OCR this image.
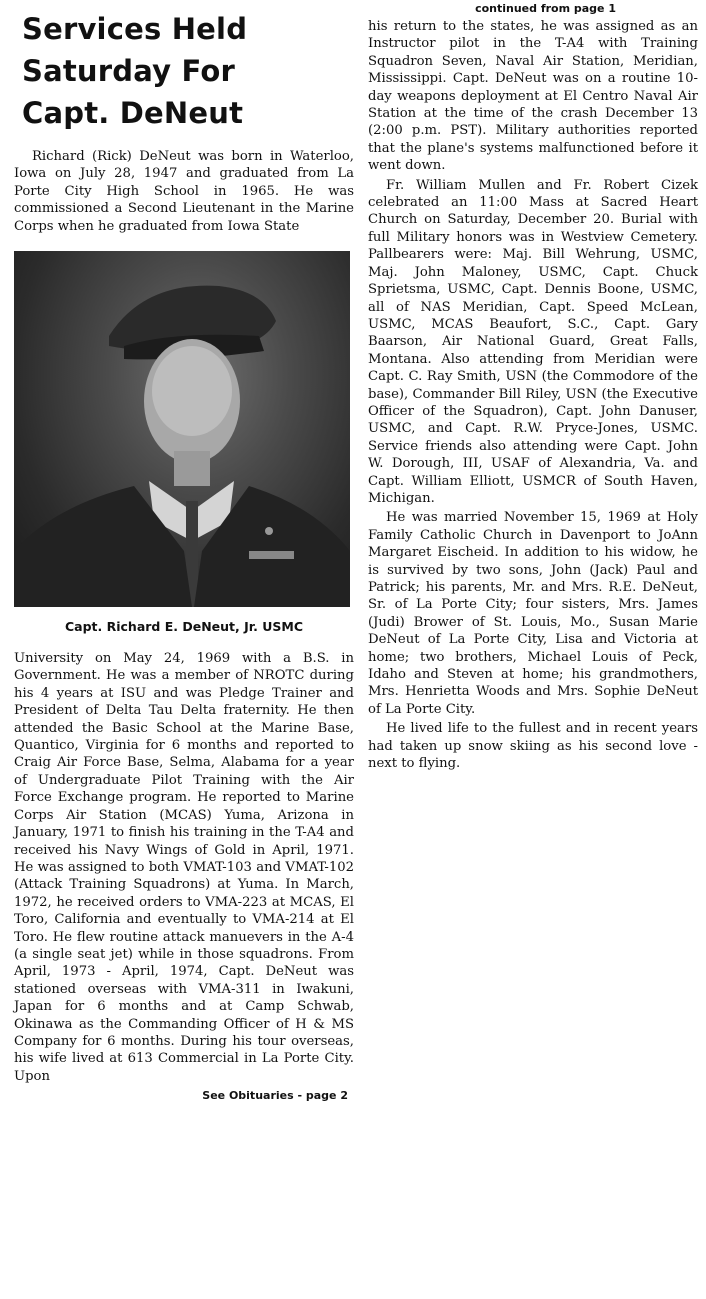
Services Held
Saturday For
Capt. DeNeut

Richard (Rick) DeNeut was born in Waterloo, Iowa on July 28, 1947 and graduated from La Porte City High School in 1965. He was commissioned a Second Lieutenant in the Marine Corps when he graduated from Iowa State

Capt. Richard E. DeNeut, Jr. USMC

University on May 24, 1969 with a B.S. in Government. He was a member of NROTC during his 4 years at ISU and was Pledge Trainer and President of Delta Tau Delta fraternity. He then attended the Basic School at the Marine Base, Quantico, Virginia for 6 months and reported to Craig Air Force Base, Selma, Alabama for a year of Undergraduate Pilot Training with the Air Force Exchange program. He reported to Marine Corps Air Station (MCAS) Yuma, Arizona in January, 1971 to finish his training in the T-A4 and received his Navy Wings of Gold in April, 1971. He was assigned to both VMAT-103 and VMAT-102 (Attack Training Squadrons) at Yuma. In March, 1972, he received orders to VMA-223 at MCAS, El Toro, California and eventually to VMA-214 at El Toro. He flew routine attack manuevers in the A-4 (a single seat jet) while in those squadrons. From April, 1973 - April, 1974, Capt. DeNeut was stationed overseas with VMA-311 in Iwakuni, Japan for 6 months and at Camp Schwab, Okinawa as the Commanding Officer of H & MS Company for 6 months. During his tour overseas, his wife lived at 613 Commercial in La Porte City. Upon

See Obituaries - page 2
continued from page 1

his return to the states, he was assigned as an Instructor pilot in the T-A4 with Training Squadron Seven, Naval Air Station, Meridian, Mississippi. Capt. DeNeut was on a routine 10-day weapons deployment at El Centro Naval Air Station at the time of the crash December 13 (2:00 p.m. PST). Military authorities reported that the plane's systems malfunctioned before it went down.

Fr. William Mullen and Fr. Robert Cizek celebrated an 11:00 Mass at Sacred Heart Church on Saturday, December 20. Burial with full Military honors was in Westview Cemetery. Pallbearers were: Maj. Bill Wehrung, USMC, Maj. John Maloney, USMC, Capt. Chuck Sprietsma, USMC, Capt. Dennis Boone, USMC, all of NAS Meridian, Capt. Speed McLean, USMC, MCAS Beaufort, S.C., Capt. Gary Baarson, Air National Guard, Great Falls, Montana. Also attending from Meridian were Capt. C. Ray Smith, USN (the Commodore of the base), Commander Bill Riley, USN (the Executive Officer of the Squadron), Capt. John Danuser, USMC, and Capt. R.W. Pryce-Jones, USMC. Service friends also attending were Capt. John W. Dorough, III, USAF of Alexandria, Va. and Capt. William Elliott, USMCR of South Haven, Michigan.

He was married November 15, 1969 at Holy Family Catholic Church in Davenport to JoAnn Margaret Eischeid. In addition to his widow, he is survived by two sons, John (Jack) Paul and Patrick; his parents, Mr. and Mrs. R.E. DeNeut, Sr. of La Porte City; four sisters, Mrs. James (Judi) Brower of St. Louis, Mo., Susan Marie DeNeut of La Porte City, Lisa and Victoria at home; two brothers, Michael Louis of Peck, Idaho and Steven at home; his grandmothers, Mrs. Henrietta Woods and Mrs. Sophie DeNeut of La Porte City.

He lived life to the fullest and in recent years had taken up snow skiing as his second love - next to flying.
